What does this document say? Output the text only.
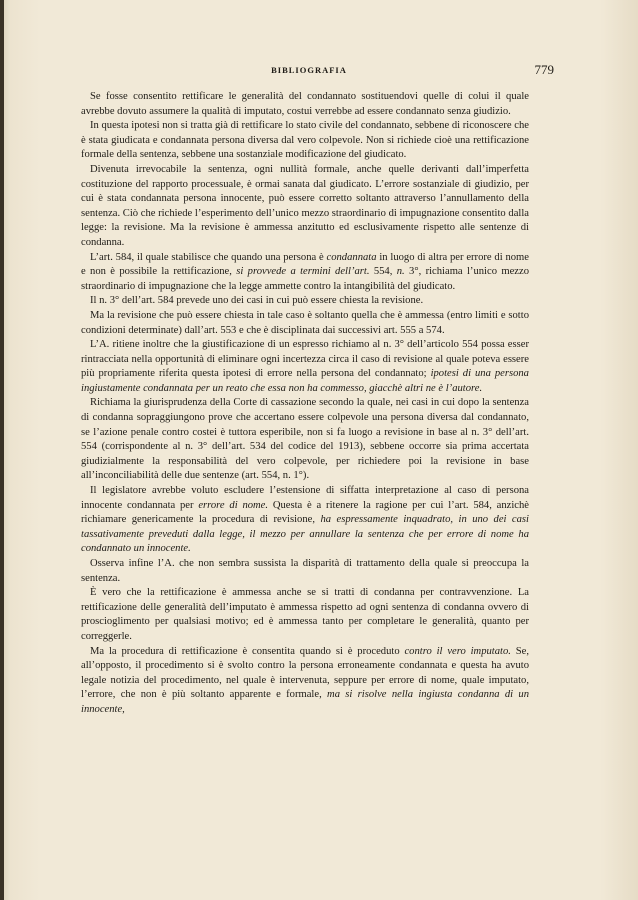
BIBLIOGRAFIA	779

Se fosse consentito rettificare le generalità del condannato sostituendovi quelle di colui il quale avrebbe dovuto assumere la qualità di imputato, costui verrebbe ad essere condannato senza giudizio.

In questa ipotesi non si tratta già di rettificare lo stato civile del condannato, sebbene di riconoscere che è stata giudicata e condannata persona diversa dal vero colpevole. Non si richiede cioè una rettificazione formale della sentenza, sebbene una sostanziale modificazione del giudicato.

Divenuta irrevocabile la sentenza, ogni nullità formale, anche quelle derivanti dall’imperfetta costituzione del rapporto processuale, è ormai sanata dal giudicato. L’errore sostanziale di giudizio, per cui è stata condannata persona innocente, può essere corretto soltanto attraverso l’annullamento della sentenza. Ciò che richiede l’esperimento dell’unico mezzo straordinario di impugnazione consentito dalla legge: la revisione. Ma la revisione è ammessa anzitutto ed esclusivamente rispetto alle sentenze di condanna.

L’art. 584, il quale stabilisce che quando una persona è condannata in luogo di altra per errore di nome e non è possibile la rettificazione, si provvede a termini dell’art. 554, n. 3°, richiama l’unico mezzo straordinario di impugnazione che la legge ammette contro la intangibilità del giudicato.

Il n. 3° dell’art. 584 prevede uno dei casi in cui può essere chiesta la revisione.

Ma la revisione che può essere chiesta in tale caso è soltanto quella che è ammessa (entro limiti e sotto condizioni determinate) dall’art. 553 e che è disciplinata dai successivi art. 555 a 574.

L’A. ritiene inoltre che la giustificazione di un espresso richiamo al n. 3° dell’articolo 554 possa esser rintracciata nella opportunità di eliminare ogni incertezza circa il caso di revisione al quale poteva essere più propriamente riferita questa ipotesi di errore nella persona del condannato; ipotesi di una persona ingiustamente condannata per un reato che essa non ha commesso, giacchè altri ne è l’autore.

Richiama la giurisprudenza della Corte di cassazione secondo la quale, nei casi in cui dopo la sentenza di condanna sopraggiungono prove che accertano essere colpevole una persona diversa dal condannato, se l’azione penale contro costei è tuttora esperibile, non si fa luogo a revisione in base al n. 3° dell’art. 554 (corrispondente al n. 3° dell’art. 534 del codice del 1913), sebbene occorre sia prima accertata giudizialmente la responsabilità del vero colpevole, per richiedere poi la revisione in base all’inconciliabilità delle due sentenze (art. 554, n. 1°).

Il legislatore avrebbe voluto escludere l’estensione di siffatta interpretazione al caso di persona innocente condannata per errore di nome. Questa è a ritenere la ragione per cui l’art. 584, anzichè richiamare genericamente la procedura di revisione, ha espressamente inquadrato, in uno dei casi tassativamente preveduti dalla legge, il mezzo per annullare la sentenza che per errore di nome ha condannato un innocente.

Osserva infine l’A. che non sembra sussista la disparità di trattamento della quale si preoccupa la sentenza.

È vero che la rettificazione è ammessa anche se si tratti di condanna per contravvenzione. La rettificazione delle generalità dell’imputato è ammessa rispetto ad ogni sentenza di condanna ovvero di proscioglimento per qualsiasi motivo; ed è ammessa tanto per completare le generalità, quanto per correggerle.

Ma la procedura di rettificazione è consentita quando si è proceduto contro il vero imputato. Se, all’opposto, il procedimento si è svolto contro la persona erroneamente condannata e questa ha avuto legale notizia del procedimento, nel quale è intervenuta, seppure per errore di nome, quale imputato, l’errore, che non è più soltanto apparente e formale, ma si risolve nella ingiusta condanna di un innocente,
